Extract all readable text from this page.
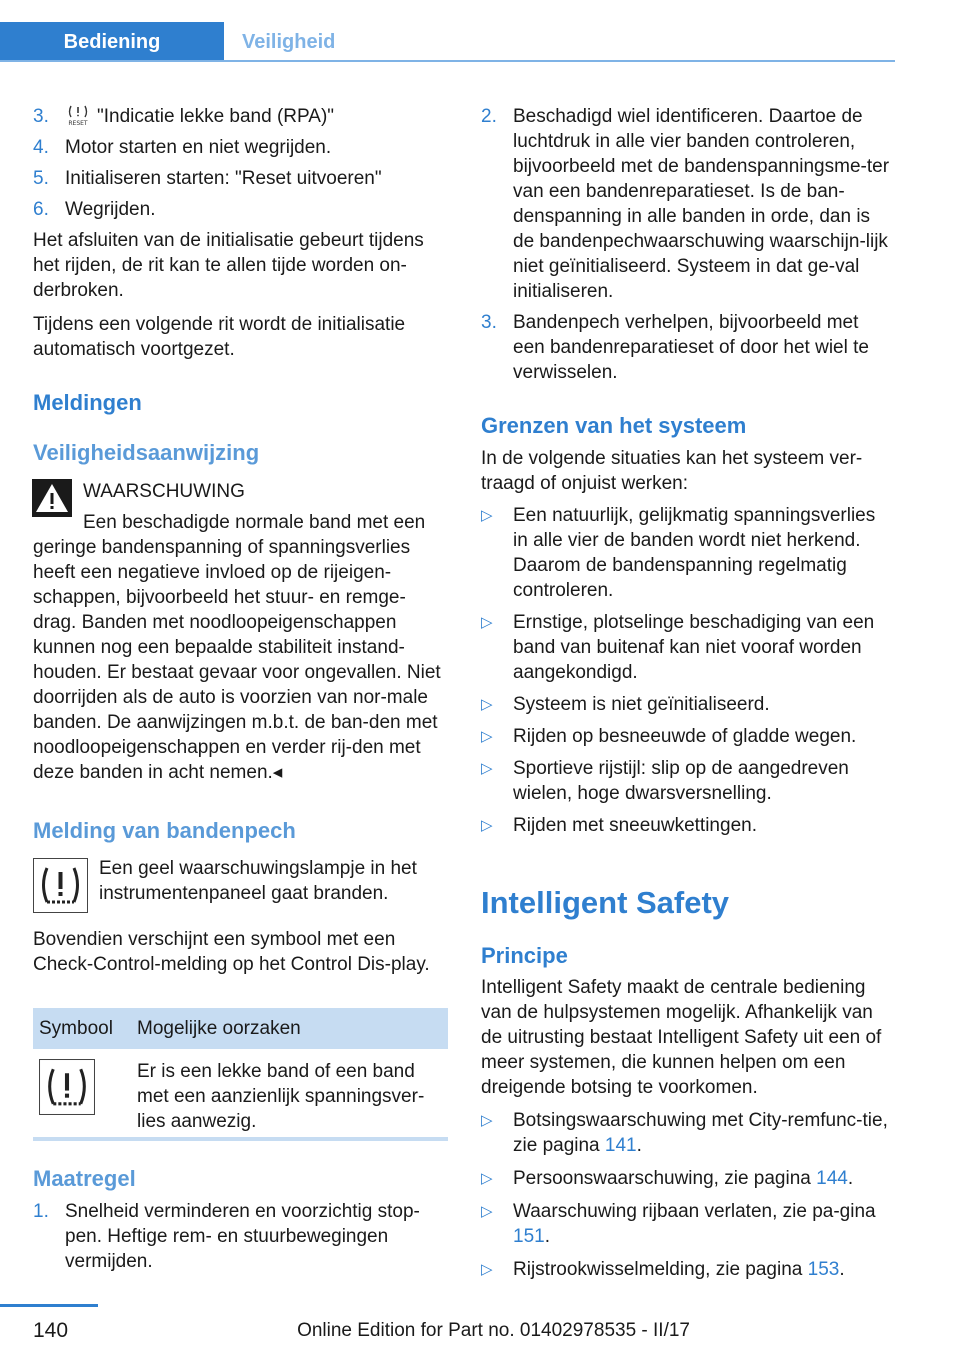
Bediening	Veiligheid
3.	RESET "Indicatie lekke band (RPA)"
4. Motor starten en niet wegrijden.
5. Initialiseren starten: "Reset uitvoeren"
6. Wegrijden.

Het afsluiten van de initialisatie gebeurt tijdens het rijden, de rit kan te allen tijde worden on-derbroken.

Tijdens een volgende rit wordt de initialisatie automatisch voortgezet.

Meldingen
Veiligheidsaanwijzing
WAARSCHUWING
Een beschadigde normale band met een geringe bandenspanning of spanningsverlies heeft een negatieve invloed op de rijeigen-schappen, bijvoorbeeld het stuur- en remge-drag. Banden met noodloopeigenschappen kunnen nog een bepaalde stabiliteit instand-houden. Er bestaat gevaar voor ongevallen. Niet doorrijden als de auto is voorzien van nor-male banden. De aanwijzingen m.b.t. de ban-den met noodloopeigenschappen en verder rij-den met deze banden in acht nemen.◂
Melding van bandenpech
Een geel waarschuwingslampje in het instrumentenpaneel gaat branden.
Bovendien verschijnt een symbool met een Check-Control-melding op het Control Dis-play.
Symbool	Mogelijke oorzaken

	Er is een lekke band of een band met een aanzienlijk spanningsver-lies aanwezig.
Maatregel
1. Snelheid verminderen en voorzichtig stop-pen. Heftige rem- en stuurbewegingen vermijden.
2. Beschadigd wiel identificeren. Daartoe de luchtdruk in alle vier banden controleren, bijvoorbeeld met de bandenspanningsme-ter van een bandenreparatieset. Is de ban-denspanning in alle banden in orde, dan is de bandenpechwaarschuwing waarschijn-lijk niet geïnitialiseerd. Systeem in dat ge-val initialiseren.
3. Bandenpech verhelpen, bijvoorbeeld met een bandenreparatieset of door het wiel te verwisselen.
Grenzen van het systeem
In de volgende situaties kan het systeem ver-traagd of onjuist werken:
▷ Een natuurlijk, gelijkmatig spanningsverlies in alle vier de banden wordt niet herkend. Daarom de bandenspanning regelmatig controleren.
▷ Ernstige, plotselinge beschadiging van een band van buitenaf kan niet vooraf worden aangekondigd.
▷ Systeem is niet geïnitialiseerd.
▷ Rijden op besneeuwde of gladde wegen.
▷ Sportieve rijstijl: slip op de aangedreven wielen, hoge dwarsversnelling.
▷ Rijden met sneeuwkettingen.
Intelligent Safety
Principe
Intelligent Safety maakt de centrale bediening van de hulpsystemen mogelijk. Afhankelijk van de uitrusting bestaat Intelligent Safety uit een of meer systemen, die kunnen helpen om een dreigende botsing te voorkomen.
▷ Botsingswaarschuwing met City-remfunc-tie, zie pagina 141.
▷ Persoonswaarschuwing, zie pagina 144.
▷ Waarschuwing rijbaan verlaten, zie pa-gina 151.
▷ Rijstrookwisselmelding, zie pagina 153.
140	Online Edition for Part no. 01402978535 - II/17
